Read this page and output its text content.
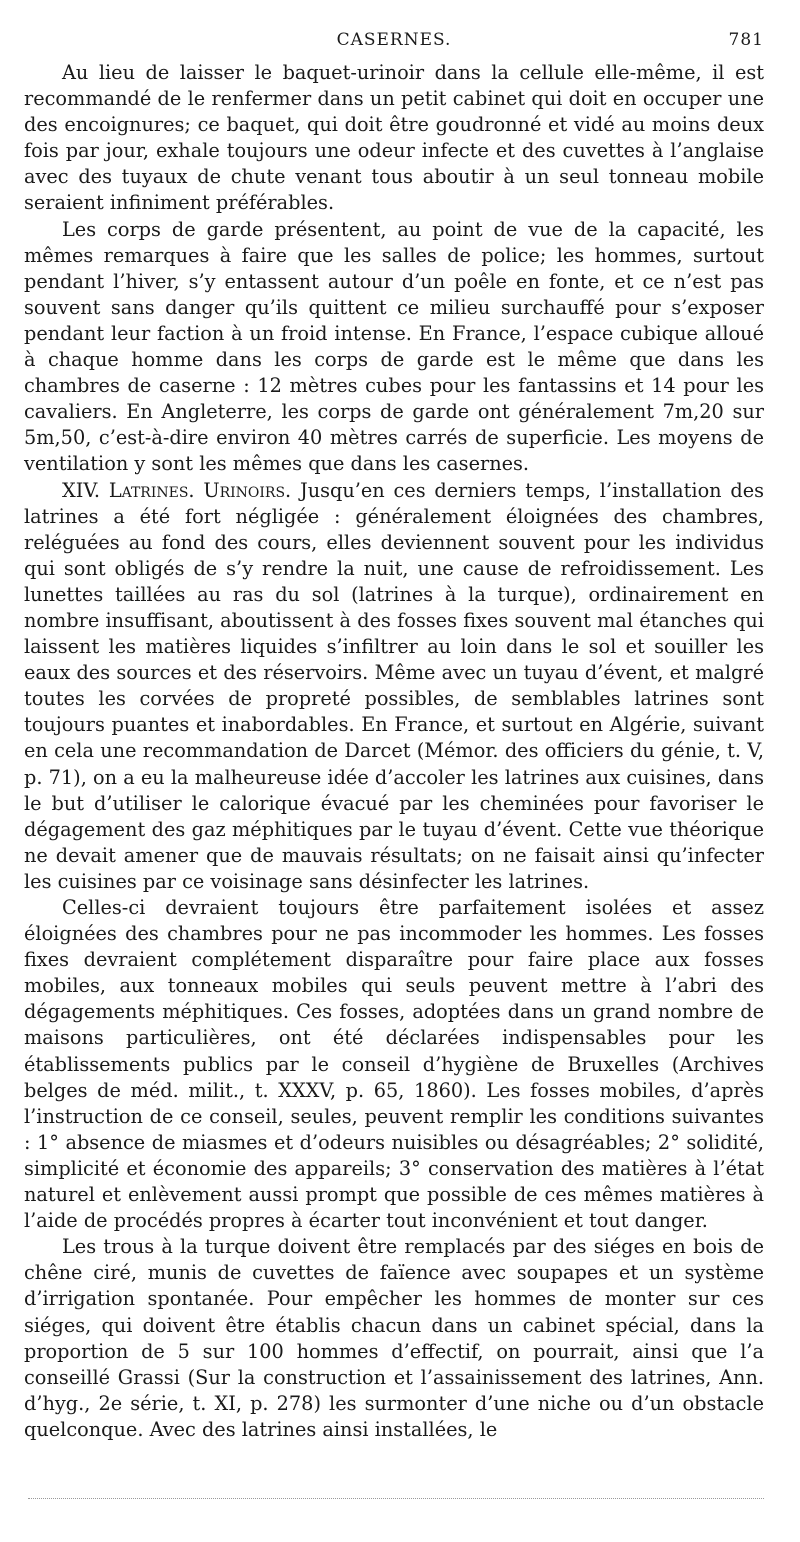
CASERNES.	781

Au lieu de laisser le baquet-urinoir dans la cellule elle-même, il est recommandé de le renfermer dans un petit cabinet qui doit en occuper une des encoignures; ce baquet, qui doit être goudronné et vidé au moins deux fois par jour, exhale toujours une odeur infecte et des cuvettes à l’anglaise avec des tuyaux de chute venant tous aboutir à un seul tonneau mobile seraient infiniment préférables.

Les corps de garde présentent, au point de vue de la capacité, les mêmes remarques à faire que les salles de police; les hommes, surtout pendant l’hiver, s’y entassent autour d’un poêle en fonte, et ce n’est pas souvent sans danger qu’ils quittent ce milieu surchauffé pour s’exposer pendant leur faction à un froid intense. En France, l’espace cubique alloué à chaque homme dans les corps de garde est le même que dans les chambres de caserne : 12 mètres cubes pour les fantassins et 14 pour les cavaliers. En Angleterre, les corps de garde ont généralement 7m,20 sur 5m,50, c’est-à-dire environ 40 mètres carrés de superficie. Les moyens de ventilation y sont les mêmes que dans les casernes.

XIV. Latrines. Urinoirs. Jusqu’en ces derniers temps, l’installation des latrines a été fort négligée : généralement éloignées des chambres, reléguées au fond des cours, elles deviennent souvent pour les individus qui sont obligés de s’y rendre la nuit, une cause de refroidissement. Les lunettes taillées au ras du sol (latrines à la turque), ordinairement en nombre insuffisant, aboutissent à des fosses fixes souvent mal étanches qui laissent les matières liquides s’infiltrer au loin dans le sol et souiller les eaux des sources et des réservoirs. Même avec un tuyau d’évent, et malgré toutes les corvées de propreté possibles, de semblables latrines sont toujours puantes et inabordables. En France, et surtout en Algérie, suivant en cela une recommandation de Darcet (Mémor. des officiers du génie, t. V, p. 71), on a eu la malheureuse idée d’accoler les latrines aux cuisines, dans le but d’utiliser le calorique évacué par les cheminées pour favoriser le dégagement des gaz méphitiques par le tuyau d’évent. Cette vue théorique ne devait amener que de mauvais résultats; on ne faisait ainsi qu’infecter les cuisines par ce voisinage sans désinfecter les latrines.

Celles-ci devraient toujours être parfaitement isolées et assez éloignées des chambres pour ne pas incommoder les hommes. Les fosses fixes devraient complétement disparaître pour faire place aux fosses mobiles, aux tonneaux mobiles qui seuls peuvent mettre à l’abri des dégagements méphitiques. Ces fosses, adoptées dans un grand nombre de maisons particulières, ont été déclarées indispensables pour les établissements publics par le conseil d’hygiène de Bruxelles (Archives belges de méd. milit., t. XXXV, p. 65, 1860). Les fosses mobiles, d’après l’instruction de ce conseil, seules, peuvent remplir les conditions suivantes : 1° absence de miasmes et d’odeurs nuisibles ou désagréables; 2° solidité, simplicité et économie des appareils; 3° conservation des matières à l’état naturel et enlèvement aussi prompt que possible de ces mêmes matières à l’aide de procédés propres à écarter tout inconvénient et tout danger.

Les trous à la turque doivent être remplacés par des siéges en bois de chêne ciré, munis de cuvettes de faïence avec soupapes et un système d’irrigation spontanée. Pour empêcher les hommes de monter sur ces siéges, qui doivent être établis chacun dans un cabinet spécial, dans la proportion de 5 sur 100 hommes d’effectif, on pourrait, ainsi que l’a conseillé Grassi (Sur la construction et l’assainissement des latrines, Ann. d’hyg., 2e série, t. XI, p. 278) les surmonter d’une niche ou d’un obstacle quelconque. Avec des latrines ainsi installées, le
